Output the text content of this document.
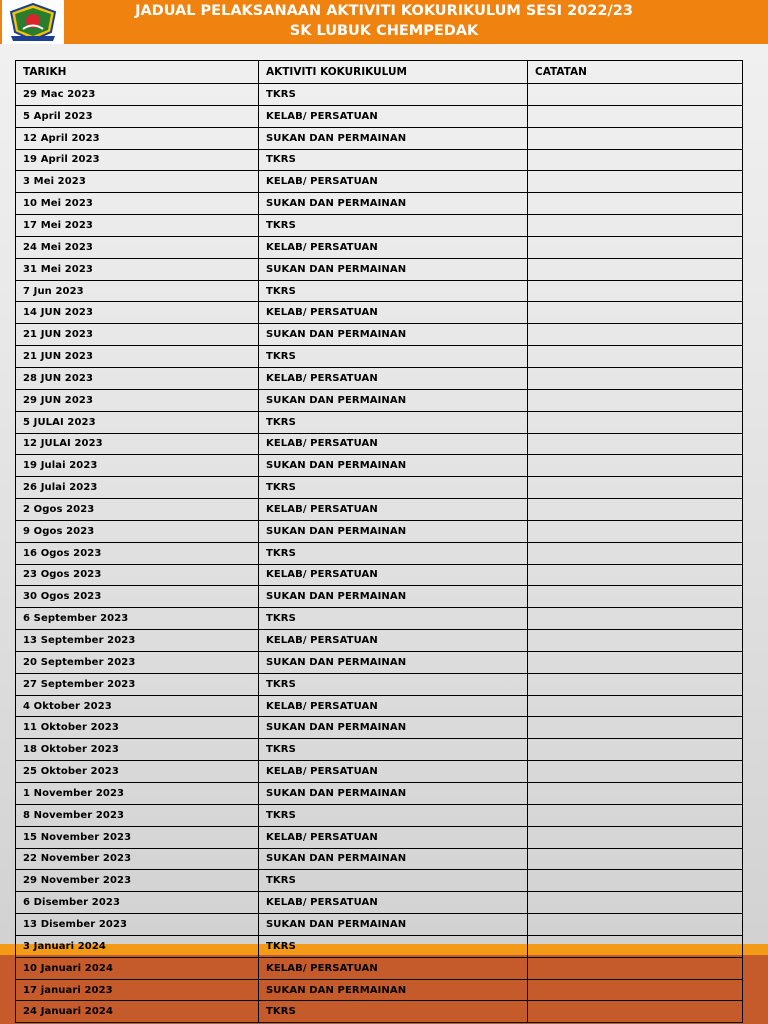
JADUAL PELAKSANAAN AKTIVITI KOKURIKULUM SESI 2022/23
SK LUBUK CHEMPEDAK
TARIKH	AKTIVITI KOKURIKULUM	CATATAN
29 Mac 2023	TKRS	
5 April 2023	KELAB/ PERSATUAN	
12 April 2023	SUKAN DAN PERMAINAN	
19 April 2023	TKRS	
3 Mei 2023	KELAB/ PERSATUAN	
10 Mei 2023	SUKAN DAN PERMAINAN	
17 Mei 2023	TKRS	
24 Mei 2023	KELAB/ PERSATUAN	
31 Mei 2023	SUKAN DAN PERMAINAN	
7 Jun 2023	TKRS	
14 JUN 2023	KELAB/ PERSATUAN	
21 JUN 2023	SUKAN DAN PERMAINAN	
21 JUN 2023	TKRS	
28 JUN 2023	KELAB/ PERSATUAN	
29 JUN 2023	SUKAN DAN PERMAINAN	
5 JULAI 2023	TKRS	
12 JULAI 2023	KELAB/ PERSATUAN	
19 Julai 2023	SUKAN DAN PERMAINAN	
26 Julai 2023	TKRS	
2 Ogos 2023	KELAB/ PERSATUAN	
9 Ogos 2023	SUKAN DAN PERMAINAN	
16 Ogos 2023	TKRS	
23 Ogos 2023	KELAB/ PERSATUAN	
30 Ogos 2023	SUKAN DAN PERMAINAN	
6 September 2023	TKRS	
13 September 2023	KELAB/ PERSATUAN	
20 September 2023	SUKAN DAN PERMAINAN	
27 September 2023	TKRS	
4 Oktober 2023	KELAB/ PERSATUAN	
11 Oktober 2023	SUKAN DAN PERMAINAN	
18 Oktober 2023	TKRS	
25 Oktober 2023	KELAB/ PERSATUAN	
1 November 2023	SUKAN DAN PERMAINAN	
8 November 2023	TKRS	
15 November 2023	KELAB/ PERSATUAN	
22 November 2023	SUKAN DAN PERMAINAN	
29 November 2023	TKRS	
6 Disember 2023	KELAB/ PERSATUAN	
13 Disember 2023	SUKAN DAN PERMAINAN	
3 Januari 2024	TKRS	
10 Januari 2024	KELAB/ PERSATUAN	
17 januari 2023	SUKAN DAN PERMAINAN	
24 Januari 2024	TKRS	
